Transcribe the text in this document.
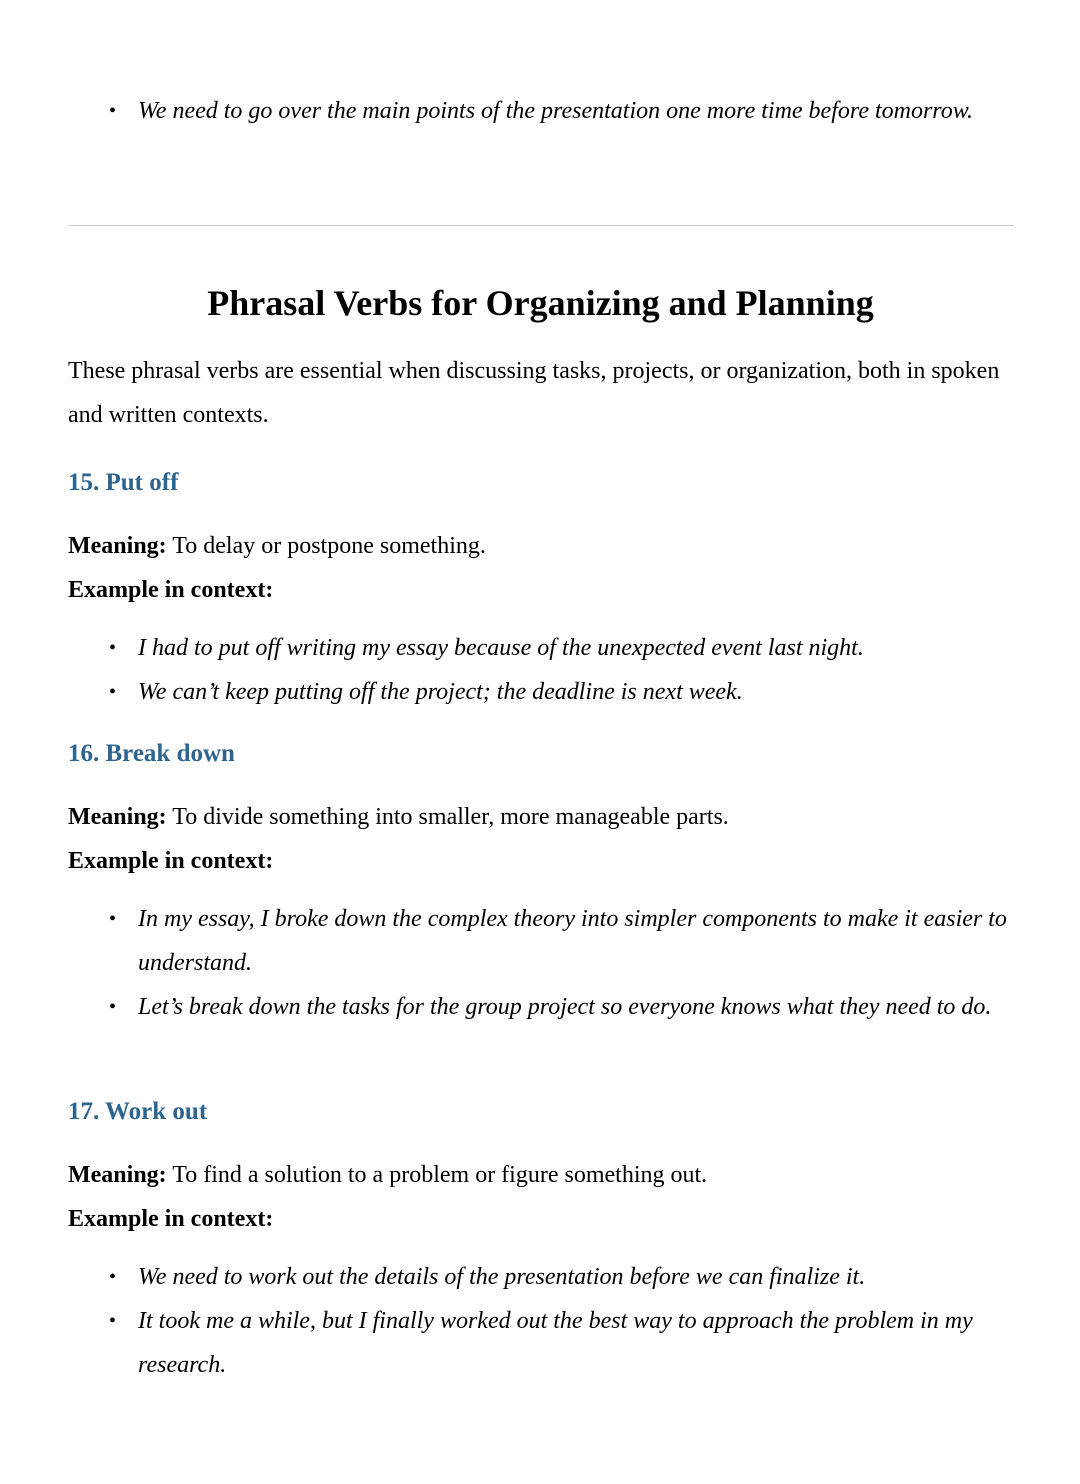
• We need to go over the main points of the presentation one more time before tomorrow.
Phrasal Verbs for Organizing and Planning

These phrasal verbs are essential when discussing tasks, projects, or organization, both in spoken and written contexts.

15. Put off

Meaning: To delay or postpone something.

Example in context:

• I had to put off writing my essay because of the unexpected event last night.
• We can’t keep putting off the project; the deadline is next week.
16. Break down

Meaning: To divide something into smaller, more manageable parts.

Example in context:

• In my essay, I broke down the complex theory into simpler components to make it easier to understand.
• Let’s break down the tasks for the group project so everyone knows what they need to do.
17. Work out

Meaning: To find a solution to a problem or figure something out.

Example in context:

• We need to work out the details of the presentation before we can finalize it.
• It took me a while, but I finally worked out the best way to approach the problem in my research.
